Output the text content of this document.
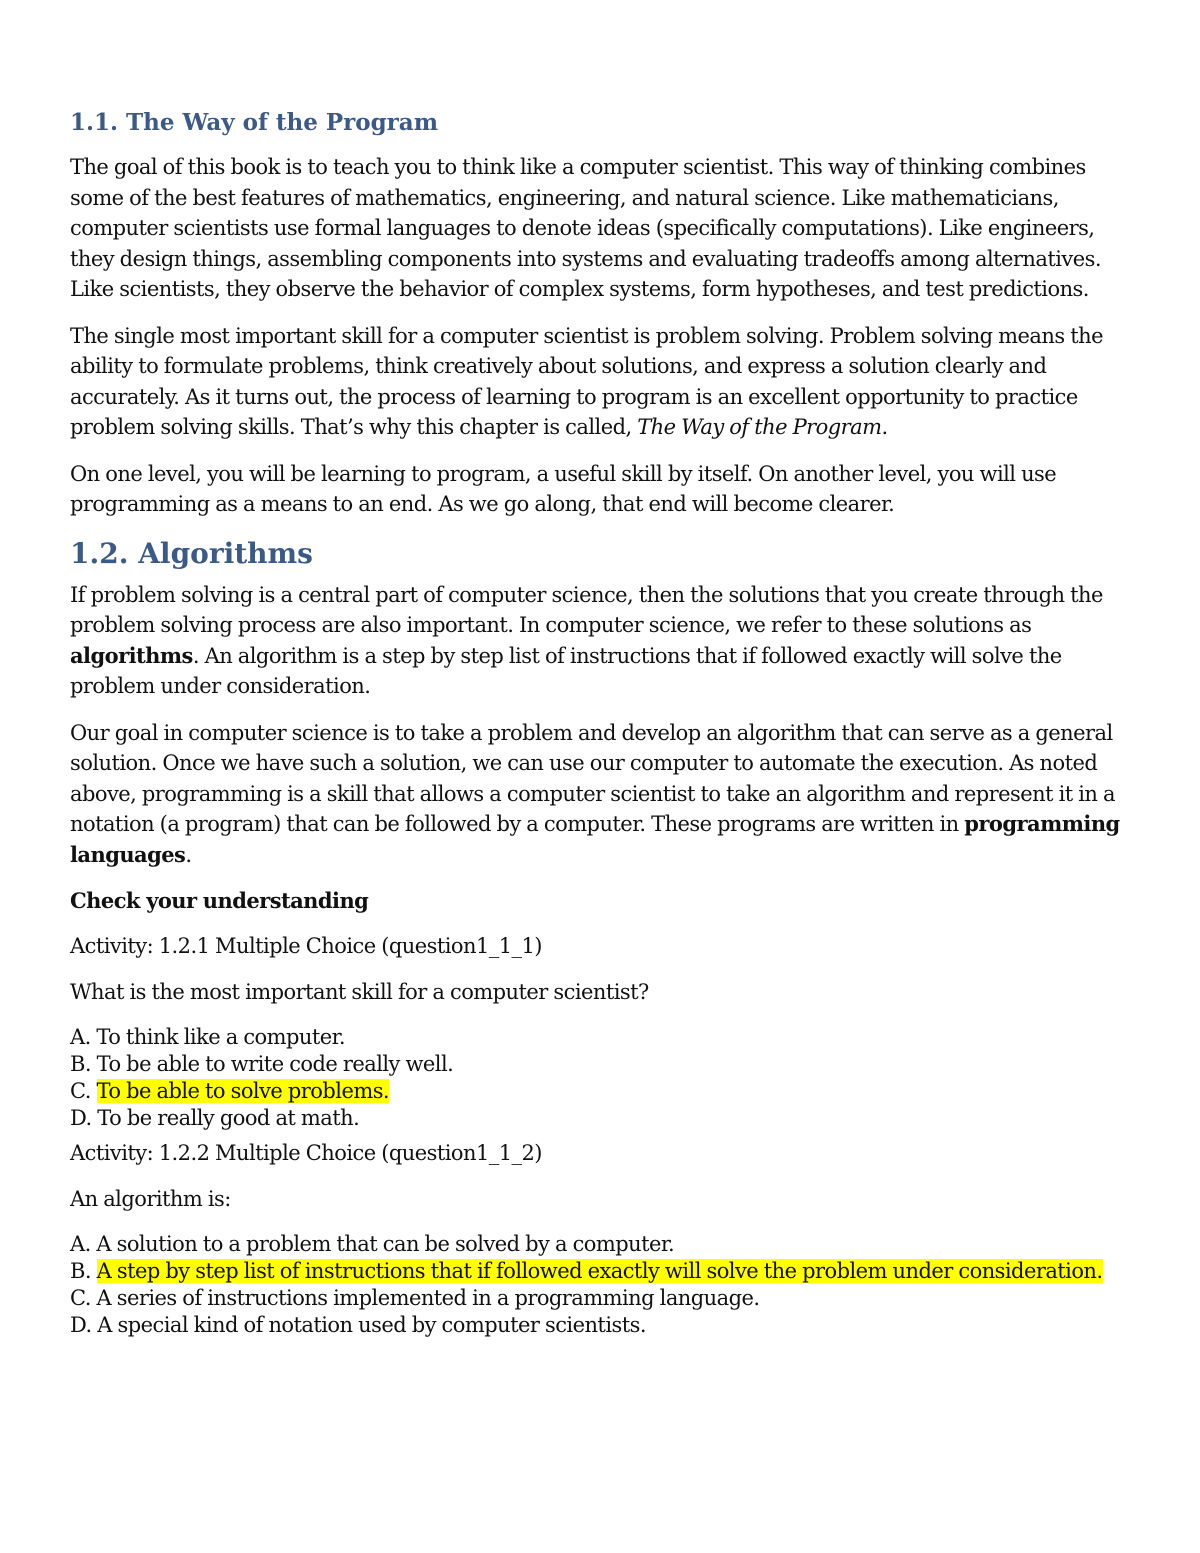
1.1. The Way of the Program

The goal of this book is to teach you to think like a computer scientist. This way of thinking combines some of the best features of mathematics, engineering, and natural science. Like mathematicians, computer scientists use formal languages to denote ideas (specifically computations). Like engineers, they design things, assembling components into systems and evaluating tradeoffs among alternatives. Like scientists, they observe the behavior of complex systems, form hypotheses, and test predictions.

The single most important skill for a computer scientist is problem solving. Problem solving means the ability to formulate problems, think creatively about solutions, and express a solution clearly and accurately. As it turns out, the process of learning to program is an excellent opportunity to practice problem solving skills. That’s why this chapter is called, The Way of the Program.

On one level, you will be learning to program, a useful skill by itself. On another level, you will use programming as a means to an end. As we go along, that end will become clearer.

1.2. Algorithms

If problem solving is a central part of computer science, then the solutions that you create through the problem solving process are also important. In computer science, we refer to these solutions as algorithms. An algorithm is a step by step list of instructions that if followed exactly will solve the problem under consideration.

Our goal in computer science is to take a problem and develop an algorithm that can serve as a general solution. Once we have such a solution, we can use our computer to automate the execution. As noted above, programming is a skill that allows a computer scientist to take an algorithm and represent it in a notation (a program) that can be followed by a computer. These programs are written in programming languages.

Check your understanding

Activity: 1.2.1 Multiple Choice (question1_1_1)

What is the most important skill for a computer scientist?

A. To think like a computer.
B. To be able to write code really well.
C. To be able to solve problems.
D. To be really good at math.

Activity: 1.2.2 Multiple Choice (question1_1_2)

An algorithm is:

A. A solution to a problem that can be solved by a computer.
B. A step by step list of instructions that if followed exactly will solve the problem under consideration.
C. A series of instructions implemented in a programming language.
D. A special kind of notation used by computer scientists.
